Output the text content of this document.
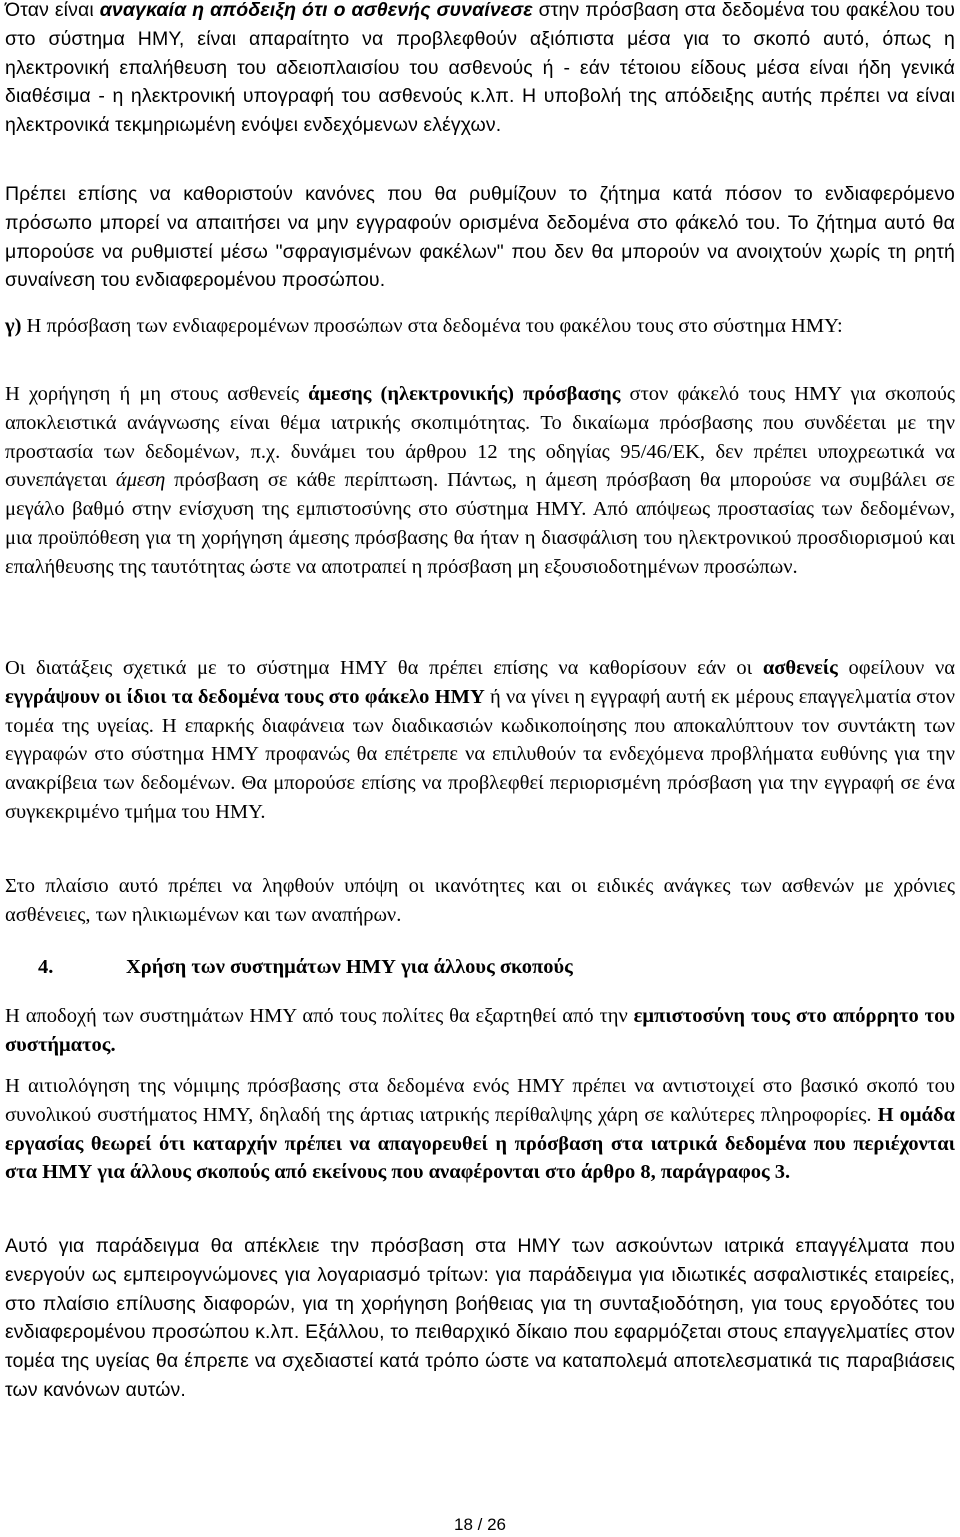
Όταν είναι αναγκαία η απόδειξη ότι ο ασθενής συναίνεσε στην πρόσβαση στα δεδομένα του φακέλου του στο σύστημα ΗΜΥ, είναι απαραίτητο να προβλεφθούν αξιόπιστα μέσα για το σκοπό αυτό, όπως η ηλεκτρονική επαλήθευση του αδειοπλαισίου του ασθενούς ή - εάν τέτοιου είδους μέσα είναι ήδη γενικά διαθέσιμα - η ηλεκτρονική υπογραφή του ασθενούς κ.λπ. Η υποβολή της απόδειξης αυτής πρέπει να είναι ηλεκτρονικά τεκμηριωμένη ενόψει ενδεχόμενων ελέγχων.

Πρέπει επίσης να καθοριστούν κανόνες που θα ρυθμίζουν το ζήτημα κατά πόσον το ενδιαφερόμενο πρόσωπο μπορεί να απαιτήσει να μην εγγραφούν ορισμένα δεδομένα στο φάκελό του. Το ζήτημα αυτό θα μπορούσε να ρυθμιστεί μέσω "σφραγισμένων φακέλων" που δεν θα μπορούν να ανοιχτούν χωρίς τη ρητή συναίνεση του ενδιαφερομένου προσώπου.

γ) Η πρόσβαση των ενδιαφερομένων προσώπων στα δεδομένα του φακέλου τους στο σύστημα ΗΜΥ:

Η χορήγηση ή μη στους ασθενείς άμεσης (ηλεκτρονικής) πρόσβασης στον φάκελό τους ΗΜΥ για σκοπούς αποκλειστικά ανάγνωσης είναι θέμα ιατρικής σκοπιμότητας. Το δικαίωμα πρόσβασης που συνδέεται με την προστασία των δεδομένων, π.χ. δυνάμει του άρθρου 12 της οδηγίας 95/46/ΕΚ, δεν πρέπει υποχρεωτικά να συνεπάγεται άμεση πρόσβαση σε κάθε περίπτωση. Πάντως, η άμεση πρόσβαση θα μπορούσε να συμβάλει σε μεγάλο βαθμό στην ενίσχυση της εμπιστοσύνης στο σύστημα ΗΜΥ. Από απόψεως προστασίας των δεδομένων, μια προϋπόθεση για τη χορήγηση άμεσης πρόσβασης θα ήταν η διασφάλιση του ηλεκτρονικού προσδιορισμού και επαλήθευσης της ταυτότητας ώστε να αποτραπεί η πρόσβαση μη εξουσιοδοτημένων προσώπων.

Οι διατάξεις σχετικά με το σύστημα ΗΜΥ θα πρέπει επίσης να καθορίσουν εάν οι ασθενείς οφείλουν να εγγράψουν οι ίδιοι τα δεδομένα τους στο φάκελο ΗΜΥ ή να γίνει η εγγραφή αυτή εκ μέρους επαγγελματία στον τομέα της υγείας. Η επαρκής διαφάνεια των διαδικασιών κωδικοποίησης που αποκαλύπτουν τον συντάκτη των εγγραφών στο σύστημα ΗΜΥ προφανώς θα επέτρεπε να επιλυθούν τα ενδεχόμενα προβλήματα ευθύνης για την ανακρίβεια των δεδομένων. Θα μπορούσε επίσης να προβλεφθεί περιορισμένη πρόσβαση για την εγγραφή σε ένα συγκεκριμένο τμήμα του ΗΜΥ.

Στο πλαίσιο αυτό πρέπει να ληφθούν υπόψη οι ικανότητες και οι ειδικές ανάγκες των ασθενών με χρόνιες ασθένειες, των ηλικιωμένων και των αναπήρων.

4.	Χρήση των συστημάτων ΗΜΥ για άλλους σκοπούς

Η αποδοχή των συστημάτων ΗΜΥ από τους πολίτες θα εξαρτηθεί από την εμπιστοσύνη τους στο απόρρητο του συστήματος.

Η αιτιολόγηση της νόμιμης πρόσβασης στα δεδομένα ενός ΗΜΥ πρέπει να αντιστοιχεί στο βασικό σκοπό του συνολικού συστήματος ΗΜΥ, δηλαδή της άρτιας ιατρικής περίθαλψης χάρη σε καλύτερες πληροφορίες. Η ομάδα εργασίας θεωρεί ότι καταρχήν πρέπει να απαγορευθεί η πρόσβαση στα ιατρικά δεδομένα που περιέχονται στα ΗΜΥ για άλλους σκοπούς από εκείνους που αναφέρονται στο άρθρο 8, παράγραφος 3.

Αυτό για παράδειγμα θα απέκλειε την πρόσβαση στα ΗΜΥ των ασκούντων ιατρικά επαγγέλματα που ενεργούν ως εμπειρογνώμονες για λογαριασμό τρίτων: για παράδειγμα για ιδιωτικές ασφαλιστικές εταιρείες, στο πλαίσιο επίλυσης διαφορών, για τη χορήγηση βοήθειας για τη συνταξιοδότηση, για τους εργοδότες του ενδιαφερομένου προσώπου κ.λπ. Εξάλλου, το πειθαρχικό δίκαιο που εφαρμόζεται στους επαγγελματίες στον τομέα της υγείας θα έπρεπε να σχεδιαστεί κατά τρόπο ώστε να καταπολεμά αποτελεσματικά τις παραβιάσεις των κανόνων αυτών.

18 / 26
